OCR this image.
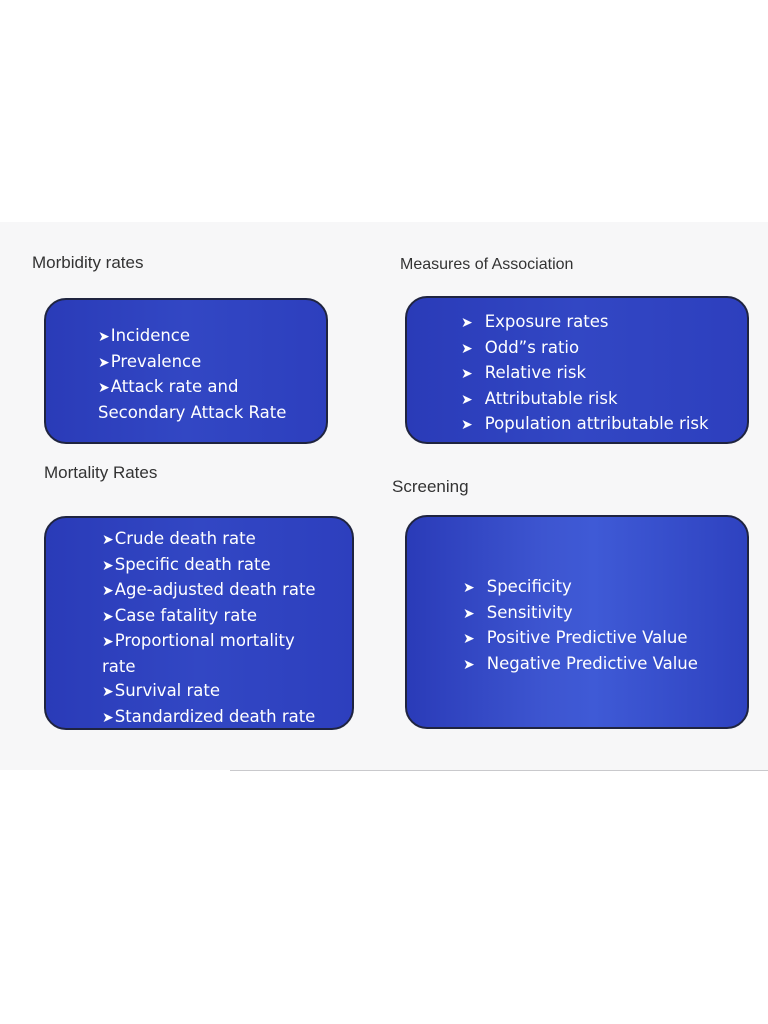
Morbidity rates
➤Incidence
➤Prevalence
➤Attack rate and Secondary Attack Rate
Measures of Association
➤ Exposure rates
➤ Odd”s ratio
➤ Relative risk
➤ Attributable risk
➤ Population attributable risk
Mortality Rates
➤Crude death rate
➤Specific death rate
➤Age-adjusted death rate
➤Case fatality rate
➤Proportional mortality rate
➤Survival rate
➤Standardized death rate
Screening
➤ Specificity
➤ Sensitivity
➤ Positive Predictive Value
➤ Negative Predictive Value
